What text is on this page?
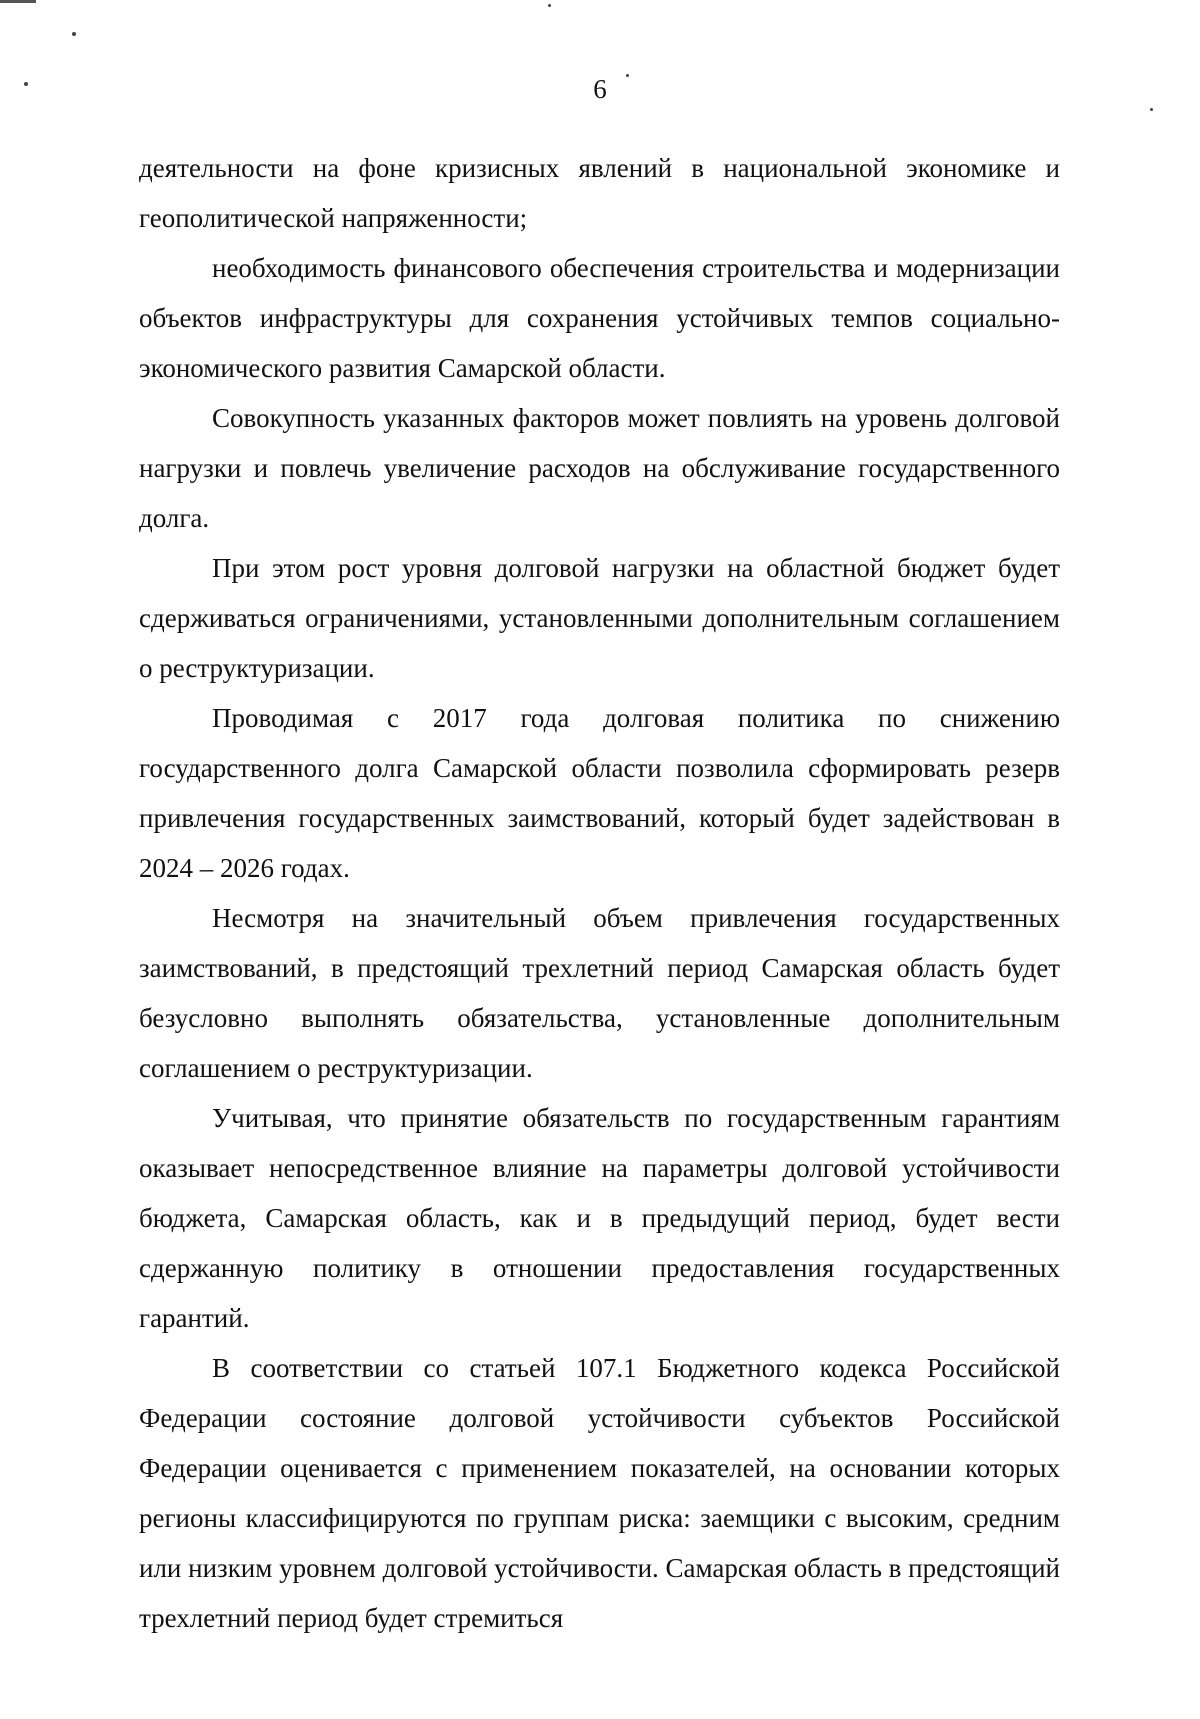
6

деятельности на фоне кризисных явлений в национальной экономике и геополитической напряженности;

необходимость финансового обеспечения строительства и модернизации объектов инфраструктуры для сохранения устойчивых темпов социально-экономического развития Самарской области.

Совокупность указанных факторов может повлиять на уровень долговой нагрузки и повлечь увеличение расходов на обслуживание государственного долга.

При этом рост уровня долговой нагрузки на областной бюджет будет сдерживаться ограничениями, установленными дополнительным соглашением о реструктуризации.

Проводимая с 2017 года долговая политика по снижению государственного долга Самарской области позволила сформировать резерв привлечения государственных заимствований, который будет задействован в 2024 – 2026 годах.

Несмотря на значительный объем привлечения государственных заимствований, в предстоящий трехлетний период Самарская область будет безусловно выполнять обязательства, установленные дополнительным соглашением о реструктуризации.

Учитывая, что принятие обязательств по государственным гарантиям оказывает непосредственное влияние на параметры долговой устойчивости бюджета, Самарская область, как и в предыдущий период, будет вести сдержанную политику в отношении предоставления государственных гарантий.

В соответствии со статьей 107.1 Бюджетного кодекса Российской Федерации состояние долговой устойчивости субъектов Российской Федерации оценивается с применением показателей, на основании которых регионы классифицируются по группам риска: заемщики с высоким, средним или низким уровнем долговой устойчивости. Самарская область в предстоящий трехлетний период будет стремиться
